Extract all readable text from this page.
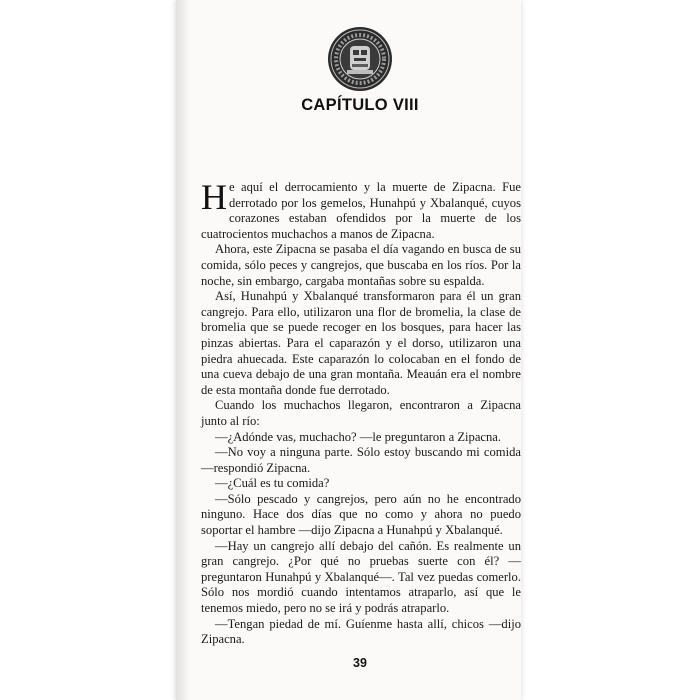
CAPÍTULO VIII

He aquí el derrocamiento y la muerte de Zipacna. Fue derrotado por los gemelos, Hunahpú y Xbalanqué, cuyos corazones estaban ofendidos por la muerte de los cuatrocientos muchachos a manos de Zipacna.

Ahora, este Zipacna se pasaba el día vagando en busca de su comida, sólo peces y cangrejos, que buscaba en los ríos. Por la noche, sin embargo, cargaba montañas sobre su espalda.

Así, Hunahpú y Xbalanqué transformaron para él un gran cangrejo. Para ello, utilizaron una flor de bromelia, la clase de bromelia que se puede recoger en los bosques, para hacer las pinzas abiertas. Para el caparazón y el dorso, utilizaron una piedra ahuecada. Este caparazón lo colocaban en el fondo de una cueva debajo de una gran montaña. Meauán era el nombre de esta montaña donde fue derrotado.

Cuando los muchachos llegaron, encontraron a Zipacna junto al río:

—¿Adónde vas, muchacho? —le preguntaron a Zipacna.

—No voy a ninguna parte. Sólo estoy buscando mi comida —respondió Zipacna.

—¿Cuál es tu comida?

—Sólo pescado y cangrejos, pero aún no he encontrado ninguno. Hace dos días que no como y ahora no puedo soportar el hambre —dijo Zipacna a Hunahpú y Xbalanqué.

—Hay un cangrejo allí debajo del cañón. Es realmente un gran cangrejo. ¿Por qué no pruebas suerte con él? —preguntaron Hunahpú y Xbalanqué—. Tal vez puedas comerlo. Sólo nos mordió cuando intentamos atraparlo, así que le tenemos miedo, pero no se irá y podrás atraparlo.

—Tengan piedad de mí. Guíenme hasta allí, chicos —dijo Zipacna.

39
